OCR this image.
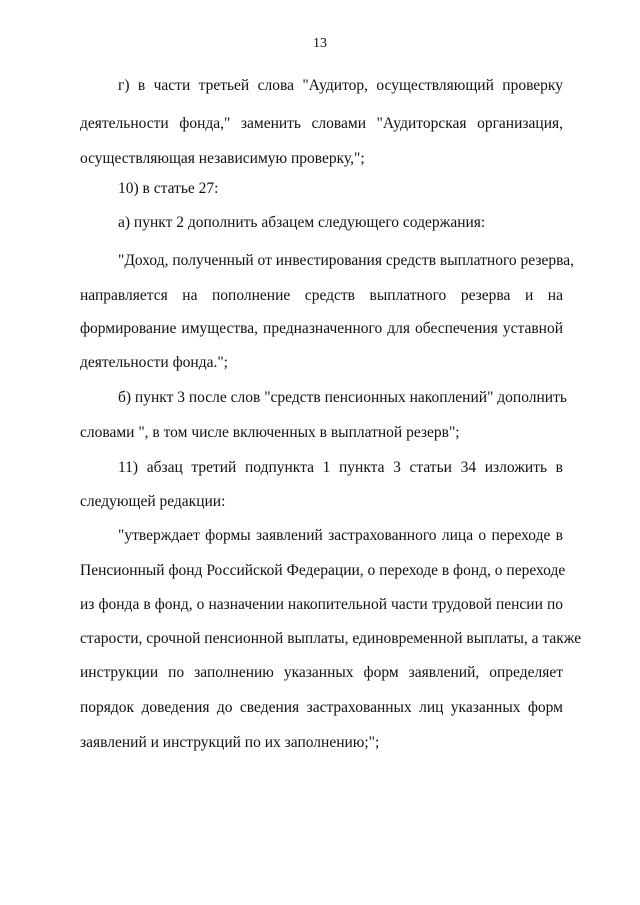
13
г) в части третьей слова "Аудитор, осуществляющий проверку
деятельности фонда," заменить словами "Аудиторская организация,
осуществляющая независимую проверку,";
10) в статье 27:
а) пункт 2 дополнить абзацем следующего содержания:
"Доход, полученный от инвестирования средств выплатного резерва,
направляется на пополнение средств выплатного резерва и на
формирование имущества, предназначенного для обеспечения уставной
деятельности фонда.";
б) пункт 3 после слов "средств пенсионных накоплений" дополнить
словами ", в том числе включенных в выплатной резерв";
11) абзац третий подпункта 1 пункта 3 статьи 34 изложить в
следующей редакции:
"утверждает формы заявлений застрахованного лица о переходе в
Пенсионный фонд Российской Федерации, о переходе в фонд, о переходе
из фонда в фонд, о назначении накопительной части трудовой пенсии по
старости, срочной пенсионной выплаты, единовременной выплаты, а также
инструкции по заполнению указанных форм заявлений, определяет
порядок доведения до сведения застрахованных лиц указанных форм
заявлений и инструкций по их заполнению;";
